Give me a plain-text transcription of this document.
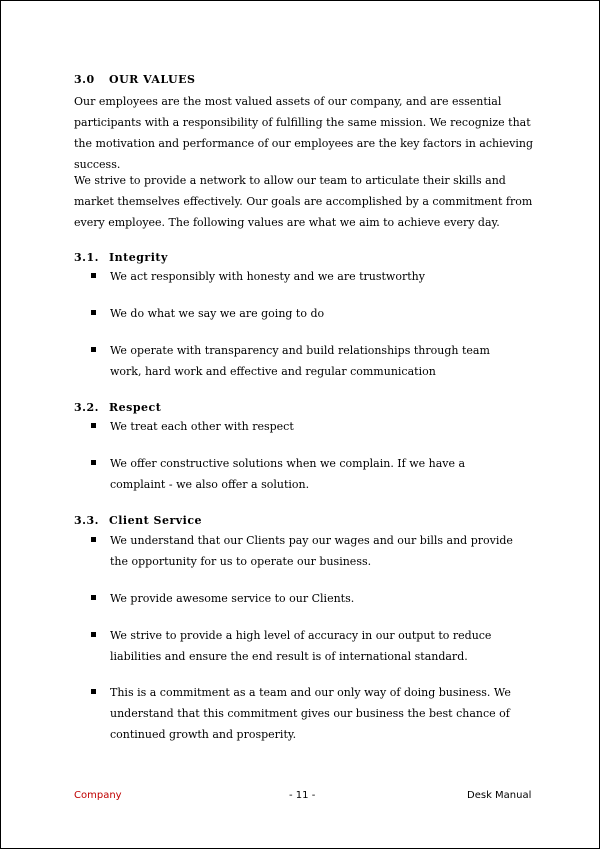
3.0 OUR VALUES

Our employees are the most valued assets of our company, and are essential participants with a responsibility of fulfilling the same mission. We recognize that the motivation and performance of our employees are the key factors in achieving success.

We strive to provide a network to allow our team to articulate their skills and market themselves effectively. Our goals are accomplished by a commitment from every employee. The following values are what we aim to achieve every day.

3.1. Integrity
We act responsibly with honesty and we are trustworthy
We do what we say we are going to do
We operate with transparency and build relationships through team work, hard work and effective and regular communication
3.2. Respect
We treat each other with respect
We offer constructive solutions when we complain. If we have a complaint - we also offer a solution.
3.3. Client Service
We understand that our Clients pay our wages and our bills and provide the opportunity for us to operate our business.
We provide awesome service to our Clients.
We strive to provide a high level of accuracy in our output to reduce liabilities and ensure the end result is of international standard.
This is a commitment as a team and our only way of doing business. We understand that this commitment gives our business the best chance of continued growth and prosperity.
Company	- 11 -	Desk Manual
